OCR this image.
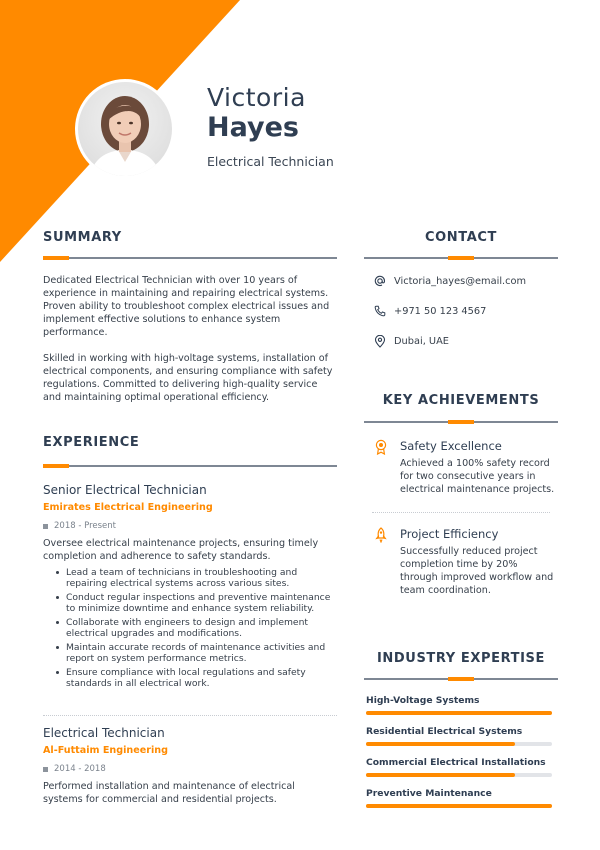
Victoria
Hayes
Electrical Technician
SUMMARY

Dedicated Electrical Technician with over 10 years of experience in maintaining and repairing electrical systems. Proven ability to troubleshoot complex electrical issues and implement effective solutions to enhance system performance.

Skilled in working with high-voltage systems, installation of electrical components, and ensuring compliance with safety regulations. Committed to delivering high-quality service and maintaining optimal operational efficiency.

EXPERIENCE
Senior Electrical Technician
Emirates Electrical Engineering
2018 - Present

Oversee electrical maintenance projects, ensuring timely completion and adherence to safety standards.

Lead a team of technicians in troubleshooting and repairing electrical systems across various sites.
Conduct regular inspections and preventive maintenance to minimize downtime and enhance system reliability.
Collaborate with engineers to design and implement electrical upgrades and modifications.
Maintain accurate records of maintenance activities and report on system performance metrics.
Ensure compliance with local regulations and safety standards in all electrical work.
Electrical Technician
Al-Futtaim Engineering
2014 - 2018

Performed installation and maintenance of electrical systems for commercial and residential projects.

CONTACT
Victoria_hayes@email.com
+971 50 123 4567
Dubai, UAE
KEY ACHIEVEMENTS
Safety Excellence
Achieved a 100% safety record for two consecutive years in electrical maintenance projects.
Project Efficiency
Successfully reduced project completion time by 20% through improved workflow and team coordination.
INDUSTRY EXPERTISE
High-Voltage Systems
Residential Electrical Systems
Commercial Electrical Installations
Preventive Maintenance
